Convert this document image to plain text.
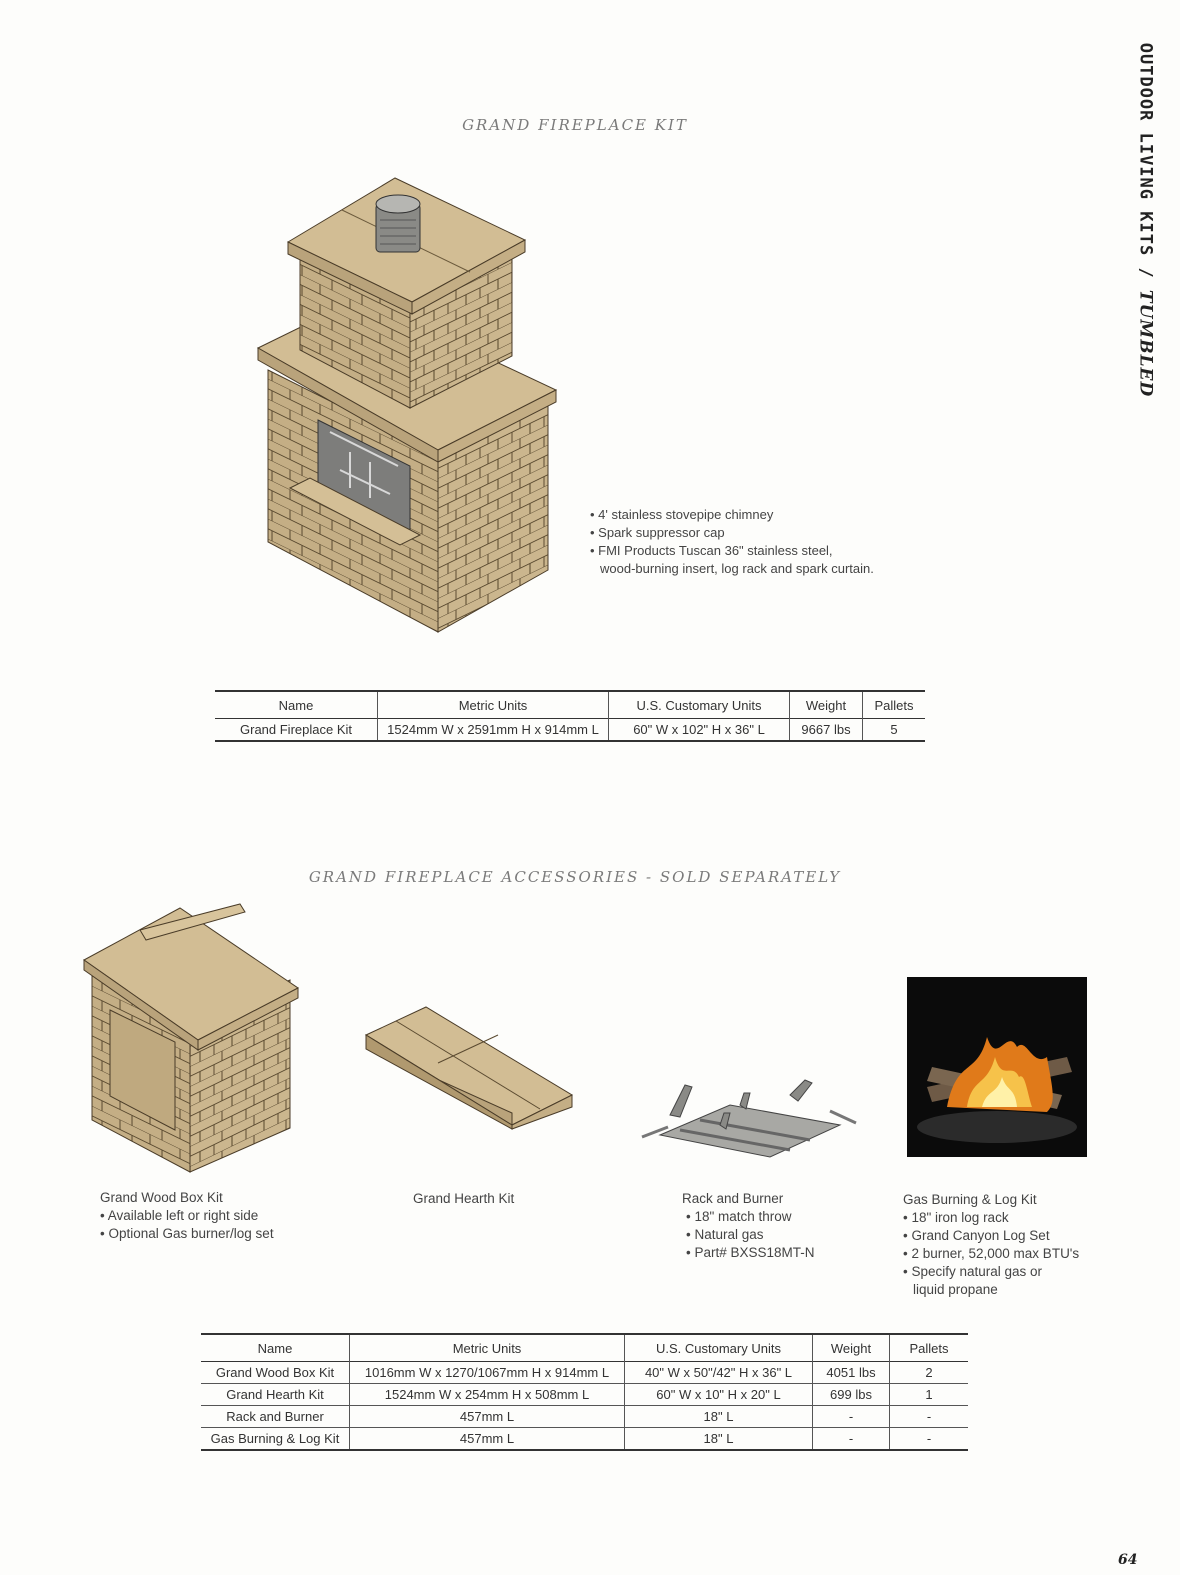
OUTDOOR LIVING KITS / TUMBLED
GRAND FIREPLACE KIT
• 4' stainless stovepipe chimney
• Spark suppressor cap
• FMI Products Tuscan 36" stainless steel,
wood-burning insert, log rack and spark curtain.
Name	Metric Units	U.S. Customary Units	Weight	Pallets
Grand Fireplace Kit	1524mm W x 2591mm H x 914mm L	60" W x 102" H x 36" L	9667 lbs	5
GRAND FIREPLACE ACCESSORIES - SOLD SEPARATELY
Grand Wood Box Kit
• Available left or right side
• Optional Gas burner/log set
Grand Hearth Kit	Rack and Burner
• 18" match throw
• Natural gas
• Part# BXSS18MT-N
Gas Burning & Log Kit
• 18" iron log rack
• Grand Canyon Log Set
• 2 burner, 52,000 max BTU's
• Specify natural gas or
liquid propane
Name	Metric Units	U.S. Customary Units	Weight	Pallets
Grand Wood Box Kit	1016mm W x 1270/1067mm H x 914mm L	40" W x 50"/42" H x 36" L	4051 lbs	2
Grand Hearth Kit	1524mm W x 254mm H x 508mm L	60" W x 10" H x 20" L	699 lbs	1
Rack and Burner	457mm L	18" L	-	-
Gas Burning & Log Kit	457mm L	18" L	-	-
64
